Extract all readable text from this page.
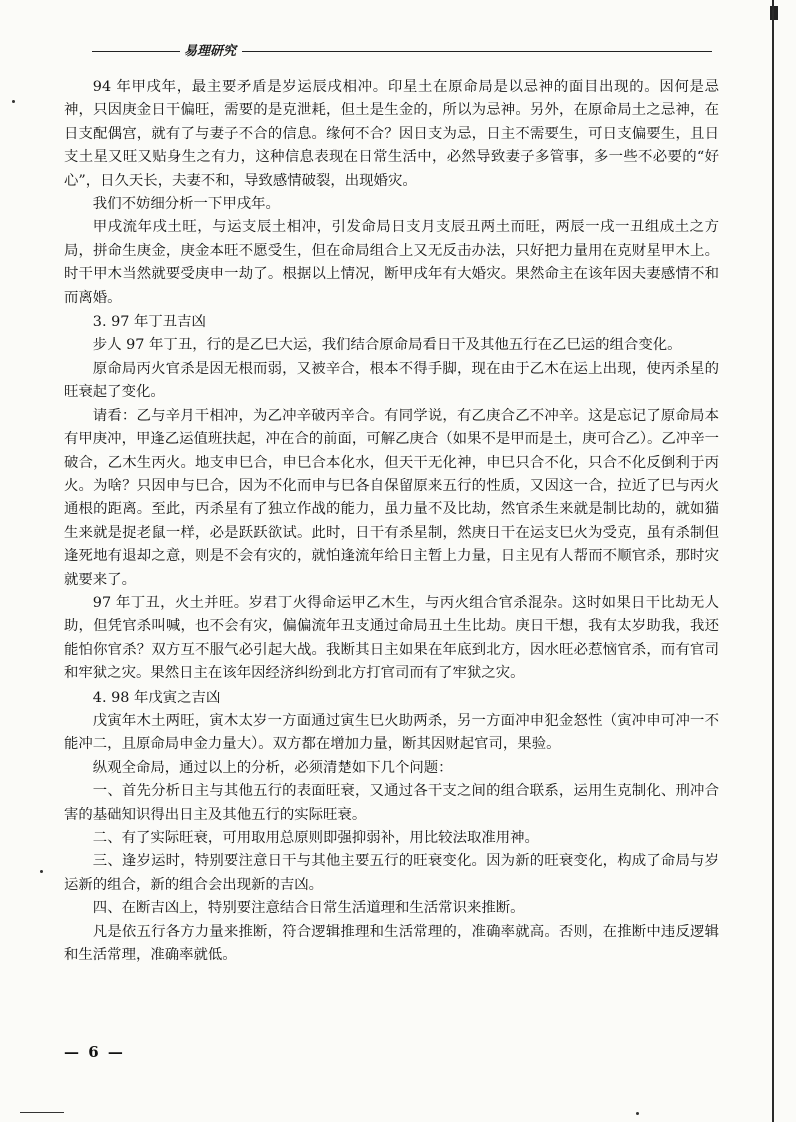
易理研究

94 年甲戌年，最主要矛盾是岁运辰戌相冲。印星土在原命局是以忌神的面目出现的。因何是忌神，只因庚金日干偏旺，需要的是克泄耗，但土是生金的，所以为忌神。另外，在原命局土之忌神，在日支配偶宫，就有了与妻子不合的信息。缘何不合？因日支为忌，日主不需要生，可日支偏要生，且日支土星又旺又贴身生之有力，这种信息表现在日常生活中，必然导致妻子多管事，多一些不必要的“好心”，日久天长，夫妻不和，导致感情破裂，出现婚灾。

我们不妨细分析一下甲戌年。

甲戌流年戌土旺，与运支辰土相冲，引发命局日支月支辰丑两土而旺，两辰一戌一丑组成土之方局，拼命生庚金，庚金本旺不愿受生，但在命局组合上又无反击办法，只好把力量用在克财星甲木上。时干甲木当然就要受庚申一劫了。根据以上情况，断甲戌年有大婚灾。果然命主在该年因夫妻感情不和而离婚。

3. 97 年丁丑吉凶

步人 97 年丁丑，行的是乙巳大运，我们结合原命局看日干及其他五行在乙巳运的组合变化。

原命局丙火官杀是因无根而弱，又被辛合，根本不得手脚，现在由于乙木在运上出现，使丙杀星的旺衰起了变化。

请看：乙与辛月干相冲，为乙冲辛破丙辛合。有同学说，有乙庚合乙不冲辛。这是忘记了原命局本有甲庚冲，甲逢乙运值班扶起，冲在合的前面，可解乙庚合（如果不是甲而是土，庚可合乙）。乙冲辛一破合，乙木生丙火。地支申巳合，申巳合本化水，但天干无化神，申巳只合不化，只合不化反倒利于丙火。为啥？只因申与巳合，因为不化而申与巳各自保留原来五行的性质，又因这一合，拉近了巳与丙火通根的距离。至此，丙杀星有了独立作战的能力，虽力量不及比劫，然官杀生来就是制比劫的，就如猫生来就是捉老鼠一样，必是跃跃欲试。此时，日干有杀星制，然庚日干在运支巳火为受克，虽有杀制但逢死地有退却之意，则是不会有灾的，就怕逢流年给日主暂上力量，日主见有人帮而不顺官杀，那时灾就要来了。

97 年丁丑，火土并旺。岁君丁火得命运甲乙木生，与丙火组合官杀混杂。这时如果日干比劫无人助，但凭官杀叫喊，也不会有灾，偏偏流年丑支通过命局丑土生比劫。庚日干想，我有太岁助我，我还能怕你官杀？双方互不服气必引起大战。我断其日主如果在年底到北方，因水旺必惹恼官杀，而有官司和牢狱之灾。果然日主在该年因经济纠纷到北方打官司而有了牢狱之灾。

4. 98 年戊寅之吉凶

戊寅年木土两旺，寅木太岁一方面通过寅生巳火助两杀，另一方面冲申犯金怒性（寅冲申可冲一不能冲二，且原命局申金力量大）。双方都在增加力量，断其因财起官司，果验。

纵观全命局，通过以上的分析，必须清楚如下几个问题：

一、首先分析日主与其他五行的表面旺衰，又通过各干支之间的组合联系，运用生克制化、刑冲合害的基础知识得出日主及其他五行的实际旺衰。

二、有了实际旺衰，可用取用总原则即强抑弱补，用比较法取准用神。

三、逢岁运时，特别要注意日干与其他主要五行的旺衰变化。因为新的旺衰变化，构成了命局与岁运新的组合，新的组合会出现新的吉凶。

四、在断吉凶上，特别要注意结合日常生活道理和生活常识来推断。

凡是依五行各方力量来推断，符合逻辑推理和生活常理的，准确率就高。否则，在推断中违反逻辑和生活常理，准确率就低。

— 6 —
